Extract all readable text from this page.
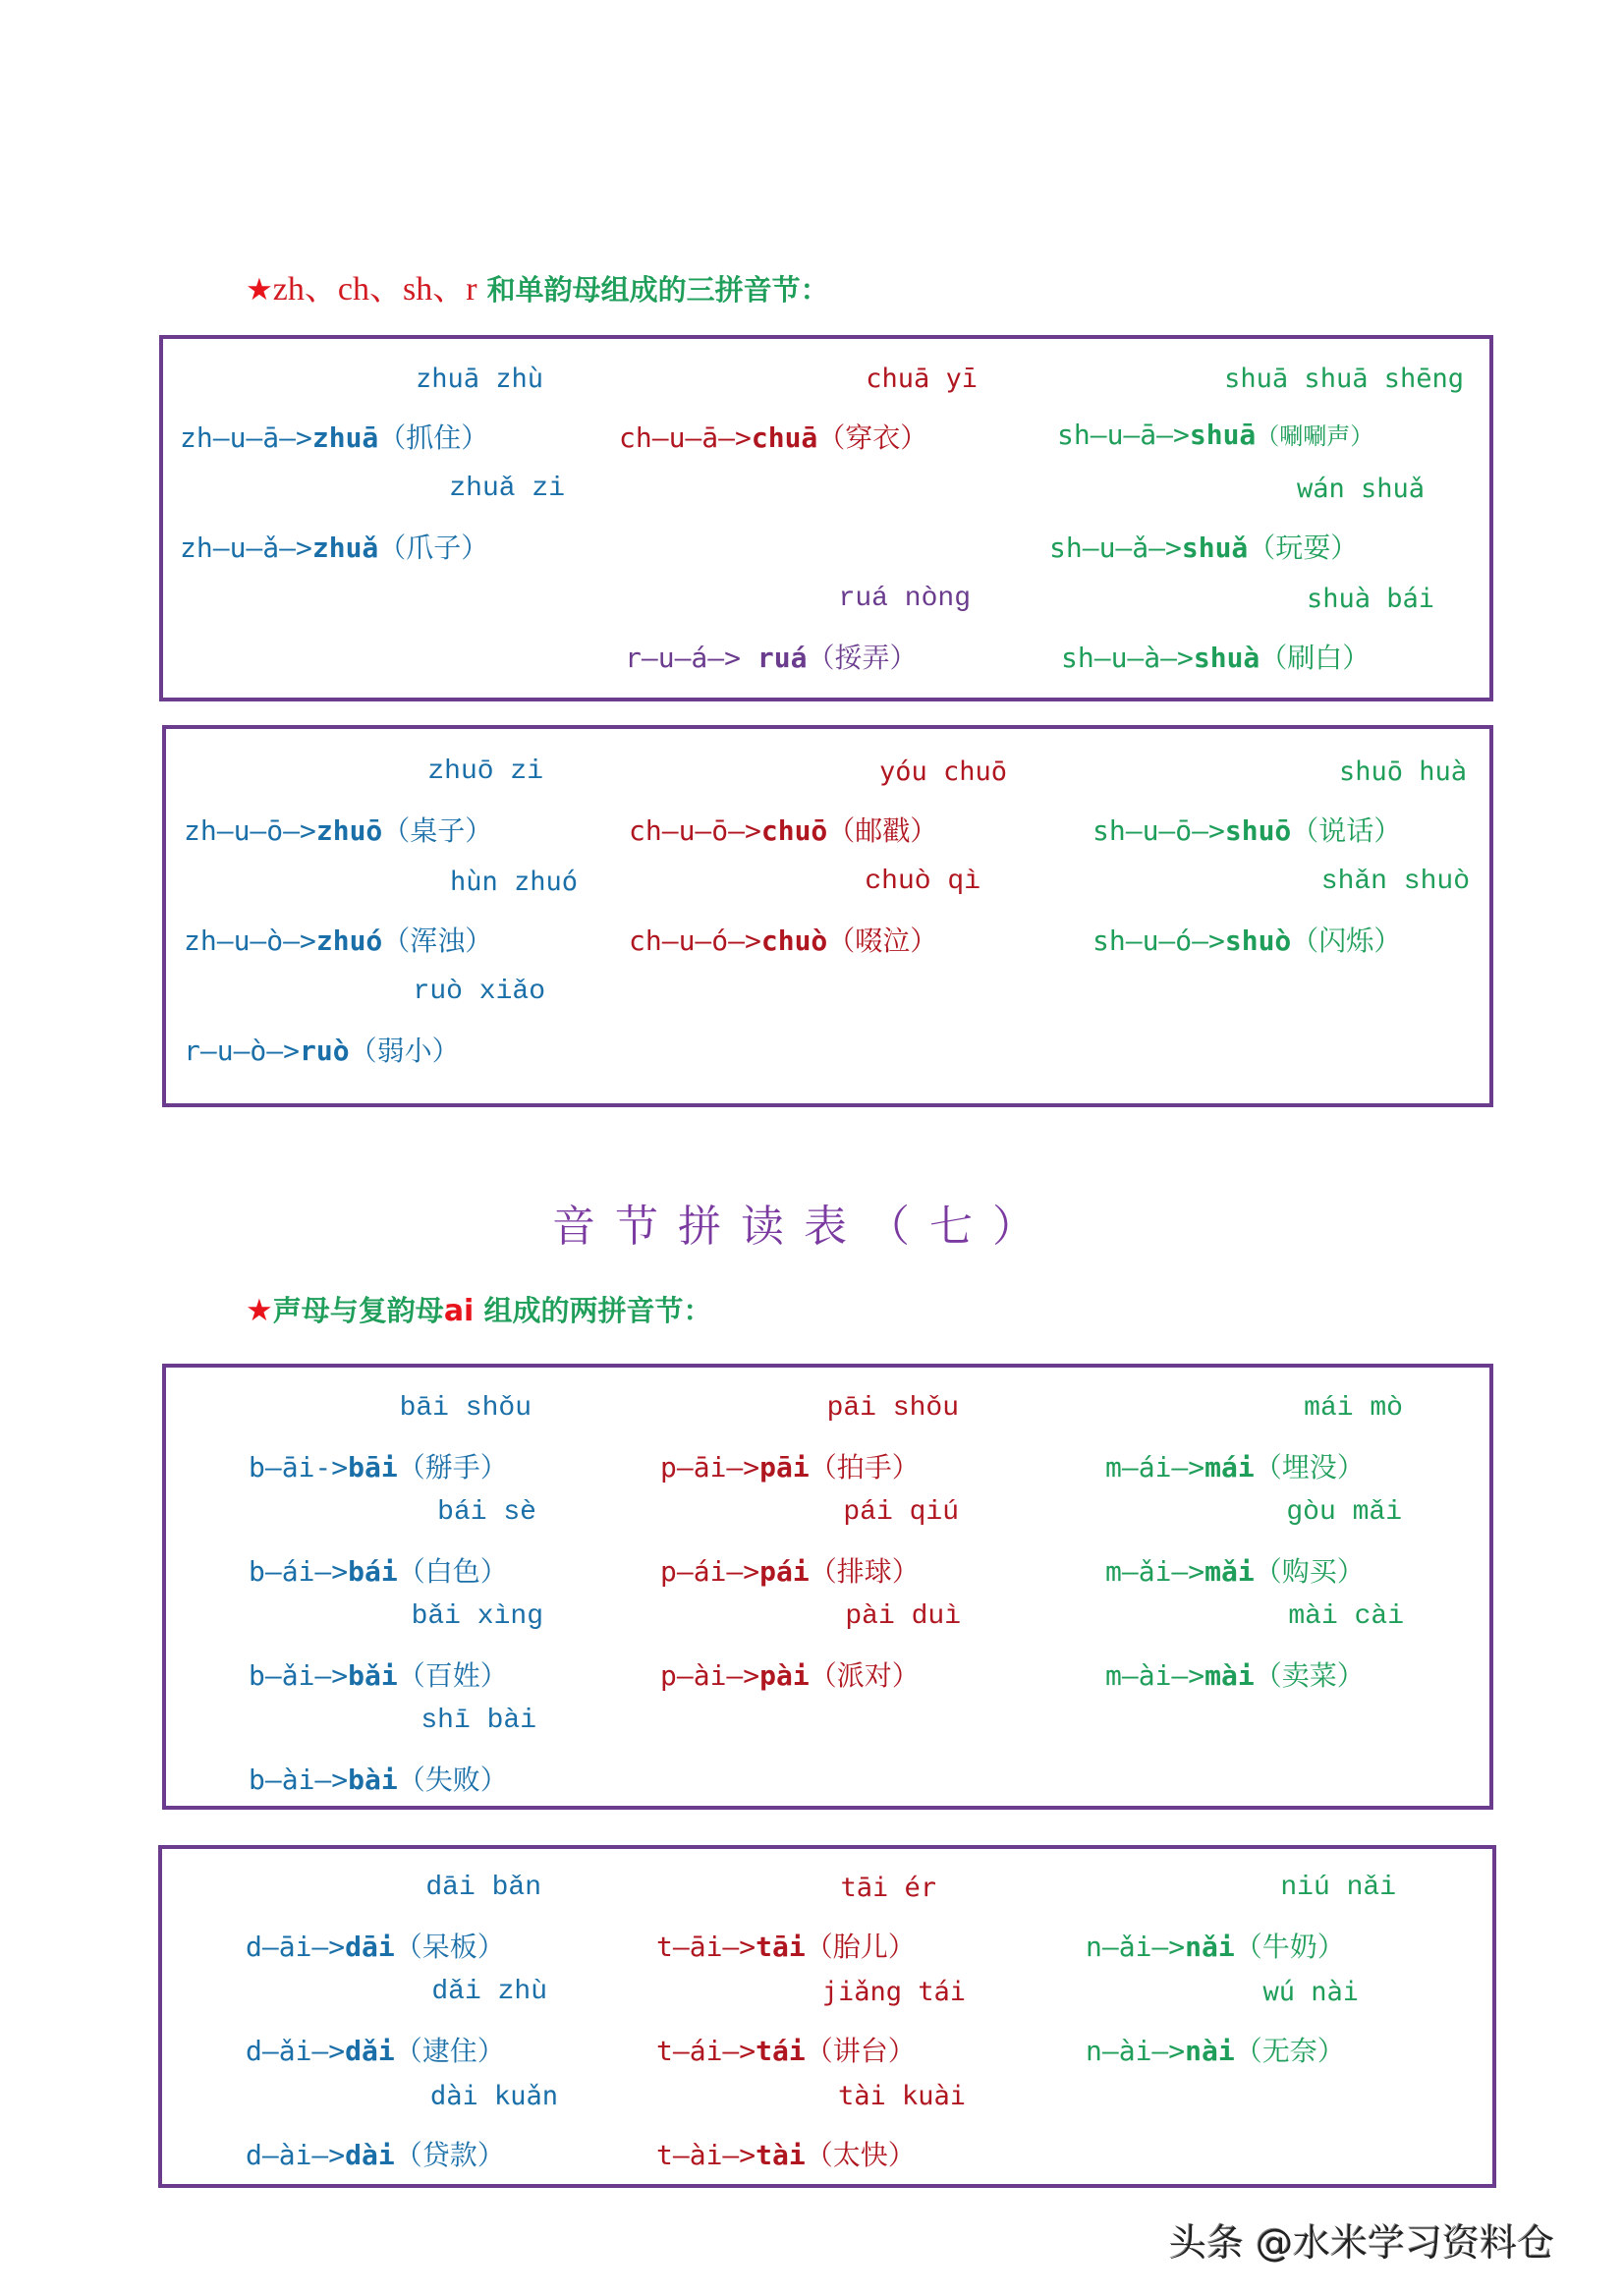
★zh、ch、sh、r 和单韵母组成的三拼音节：
zhuā zhù
zh—u—ā—>zhuā（抓住）
zhuǎ zi
zh—u—ǎ—>zhuǎ（爪子）
chuā yī
ch—u—ā—>chuā（穿衣）
ruá nòng
r—u—á—> ruá（挼弄）
shuā shuā shēng
sh—u—ā—>shuā（唰唰声）
wán shuǎ
sh—u—ǎ—>shuǎ（玩耍）
shuà bái
sh—u—à—>shuà（刷白）
zhuō zi
zh—u—ō—>zhuō（桌子）
hùn zhuó
zh—u—ò—>zhuó（浑浊）
ruò xiǎo
r—u—ò—>ruò（弱小）
yóu chuō
ch—u—ō—>chuō（邮戳）
chuò qì
ch—u—ó—>chuò（啜泣）
shuō huà
sh—u—ō—>shuō（说话）
shǎn shuò
sh—u—ó—>shuò（闪烁）
音节拼读表（七）
★声母与复韵母ai 组成的两拼音节：
bāi shǒu
b—āi->bāi（掰手）
bái sè
b—ái—>bái（白色）
bǎi xìng
b—ǎi—>bǎi（百姓）
shī bài
b—ài—>bài（失败）
pāi shǒu
p—āi—>pāi（拍手）
pái qiú
p—ái—>pái（排球）
pài duì
p—ài—>pài（派对）
mái mò
m—ái—>mái（埋没）
gòu mǎi
m—ǎi—>mǎi（购买）
mài cài
m—ài—>mài（卖菜）
dāi bǎn
d—āi—>dāi（呆板）
dǎi zhù
d—ǎi—>dǎi（逮住）
dài kuǎn
d—ài—>dài（贷款）
tāi ér
t—āi—>tāi（胎儿）
jiǎng tái
t—ái—>tái（讲台）
tài kuài
t—ài—>tài（太快）
niú nǎi
n—ǎi—>nǎi（牛奶）
wú nài
n—ài—>nài（无奈）
头条 @水米学习资料仓
